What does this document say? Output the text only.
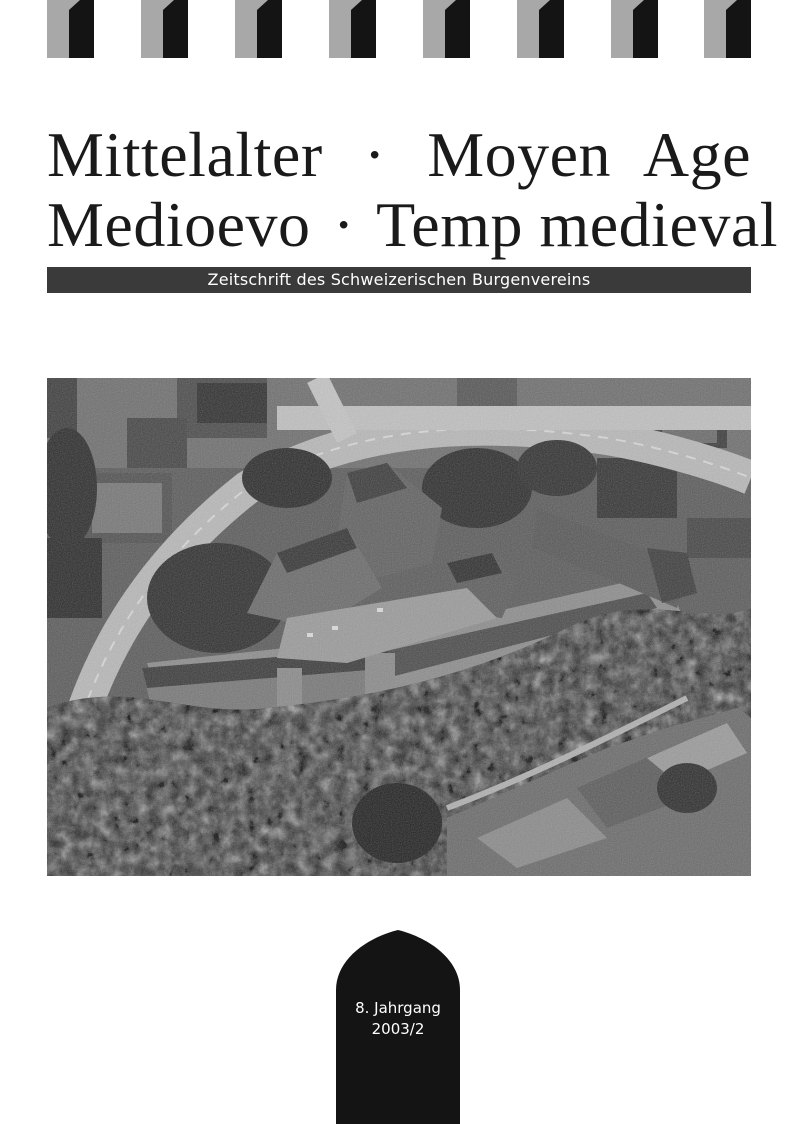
Mittelalter · Moyen Age
Medioevo · Temp medieval
Zeitschrift des Schweizerischen Burgenvereins
8. Jahrgang
2003/2
